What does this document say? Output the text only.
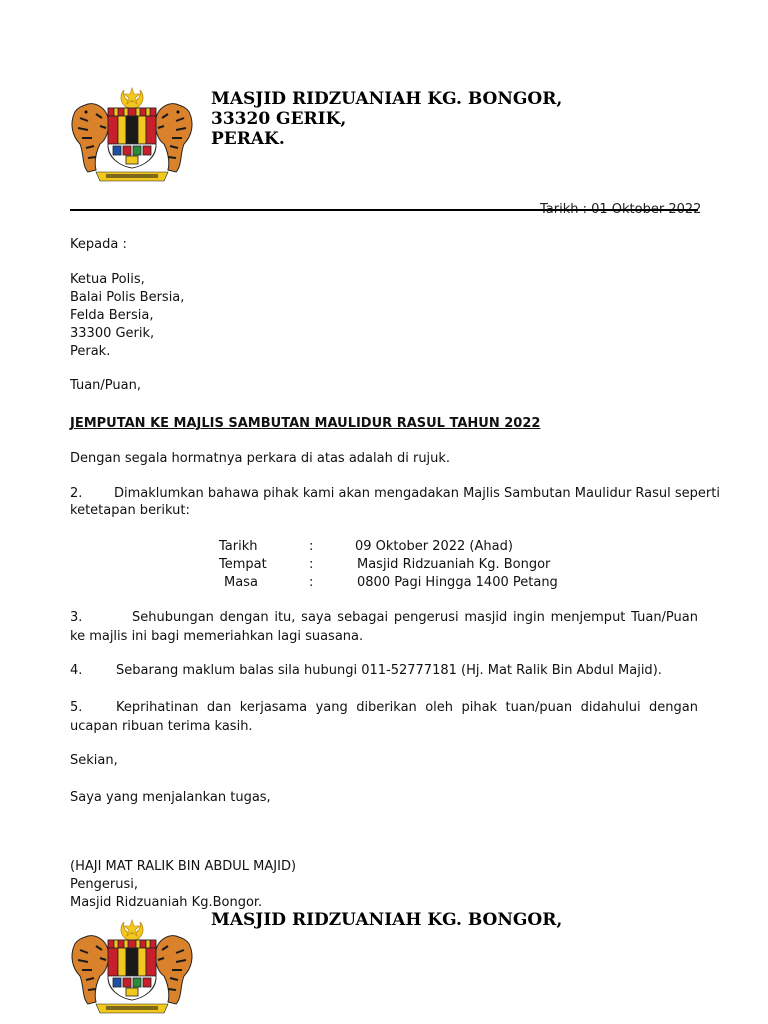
MASJID RIDZUANIAH KG. BONGOR,
33320 GERIK,
PERAK.
Tarikh : 01 Oktober 2022
Kepada :
Ketua Polis,
Balai Polis Bersia,
Felda Bersia,
33300 Gerik,
Perak.
Tuan/Puan,
JEMPUTAN KE MAJLIS SAMBUTAN MAULIDUR RASUL TAHUN 2022
Dengan segala hormatnya perkara di atas adalah di rujuk.
2. Dimaklumkan bahawa pihak kami akan mengadakan Majlis Sambutan Maulidur Rasul seperti
ketetapan berikut:
Tarikh	:	09 Oktober 2022 (Ahad)
Tempat	:	Masjid Ridzuaniah Kg. Bongor
Masa	:	0800 Pagi Hingga 1400 Petang
3.	Sehubungan dengan itu, saya sebagai pengerusi masjid ingin menjemput Tuan/Puan ke majlis ini bagi memeriahkan lagi suasana.
4.	Sebarang maklum balas sila hubungi 011-52777181 (Hj. Mat Ralik Bin Abdul Majid).
5.	Keprihatinan dan kerjasama yang diberikan oleh pihak tuan/puan didahului dengan ucapan ribuan terima kasih.
Sekian,
Saya yang menjalankan tugas,
(HAJI MAT RALIK BIN ABDUL MAJID)
Pengerusi,
Masjid Ridzuaniah Kg.Bongor.
MASJID RIDZUANIAH KG. BONGOR,
